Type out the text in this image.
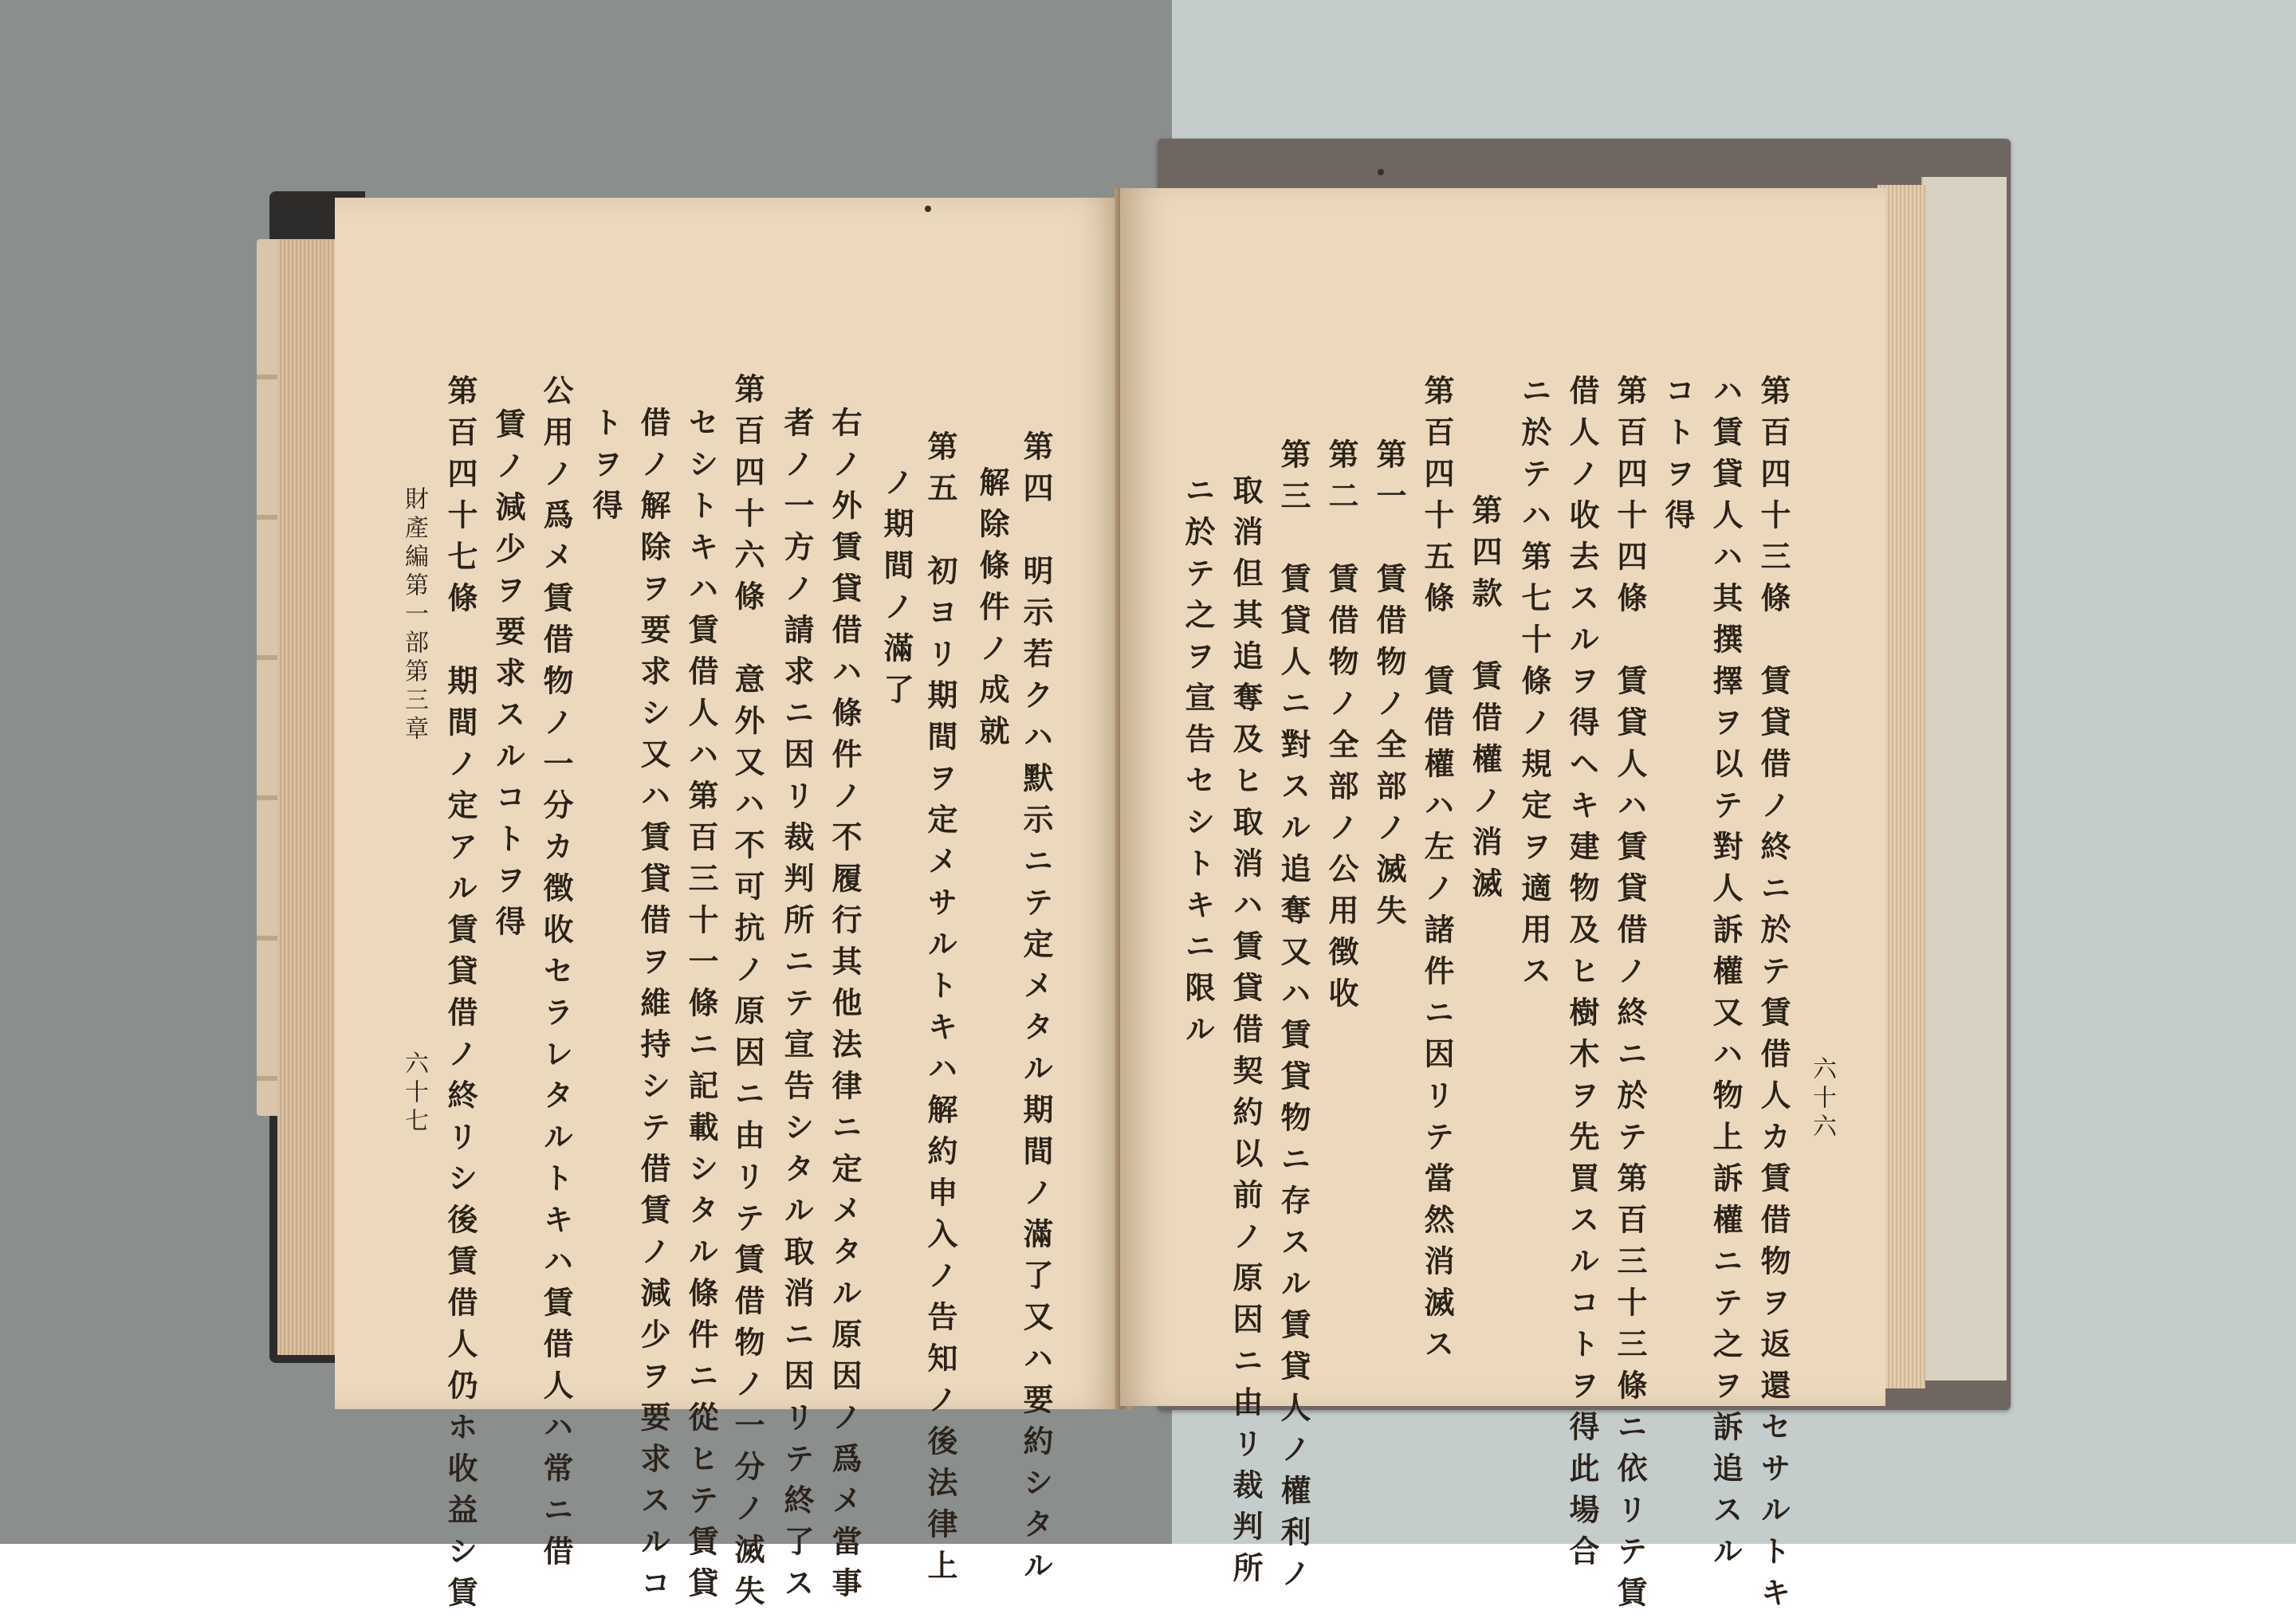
第四　明示若クハ默示ニテ定メタル期間ノ滿了又ハ要約シタル
解除條件ノ成就
第五　初ヨリ期間ヲ定メサルトキハ解約申入ノ告知ノ後法律上
ノ期間ノ滿了
右ノ外賃貸借ハ條件ノ不履行其他法律ニ定メタル原因ノ爲メ當事
者ノ一方ノ請求ニ因リ裁判所ニテ宣告シタル取消ニ因リテ終了ス
第百四十六條　意外又ハ不可抗ノ原因ニ由リテ賃借物ノ一分ノ滅失
セシトキハ賃借人ハ第百三十一條ニ記載シタル條件ニ從ヒテ賃貸
借ノ解除ヲ要求シ又ハ賃貸借ヲ維持シテ借賃ノ減少ヲ要求スルコ
トヲ得
公用ノ爲メ賃借物ノ一分カ徴收セラレタルトキハ賃借人ハ常ニ借
賃ノ減少ヲ要求スルコトヲ得
第百四十七條　期間ノ定アル賃貸借ノ終リシ後賃借人仍ホ收益シ賃
財產編第一部第三章
六十七	六十六
第百四十三條　賃貸借ノ終ニ於テ賃借人カ賃借物ヲ返還セサルトキ
ハ賃貸人ハ其撰擇ヲ以テ對人訴權又ハ物上訴權ニテ之ヲ訴追スル
コトヲ得
第百四十四條　賃貸人ハ賃貸借ノ終ニ於テ第百三十三條ニ依リテ賃
借人ノ收去スルヲ得ヘキ建物及ヒ樹木ヲ先買スルコトヲ得此場合
ニ於テハ第七十條ノ規定ヲ適用ス
第四款　賃借權ノ消滅
第百四十五條　賃借權ハ左ノ諸件ニ因リテ當然消滅ス
第一　賃借物ノ全部ノ滅失
第二　賃借物ノ全部ノ公用徴收
第三　賃貸人ニ對スル追奪又ハ賃貸物ニ存スル賃貸人ノ權利ノ
取消但其追奪及ヒ取消ハ賃貸借契約以前ノ原因ニ由リ裁判所
ニ於テ之ヲ宣告セシトキニ限ル
